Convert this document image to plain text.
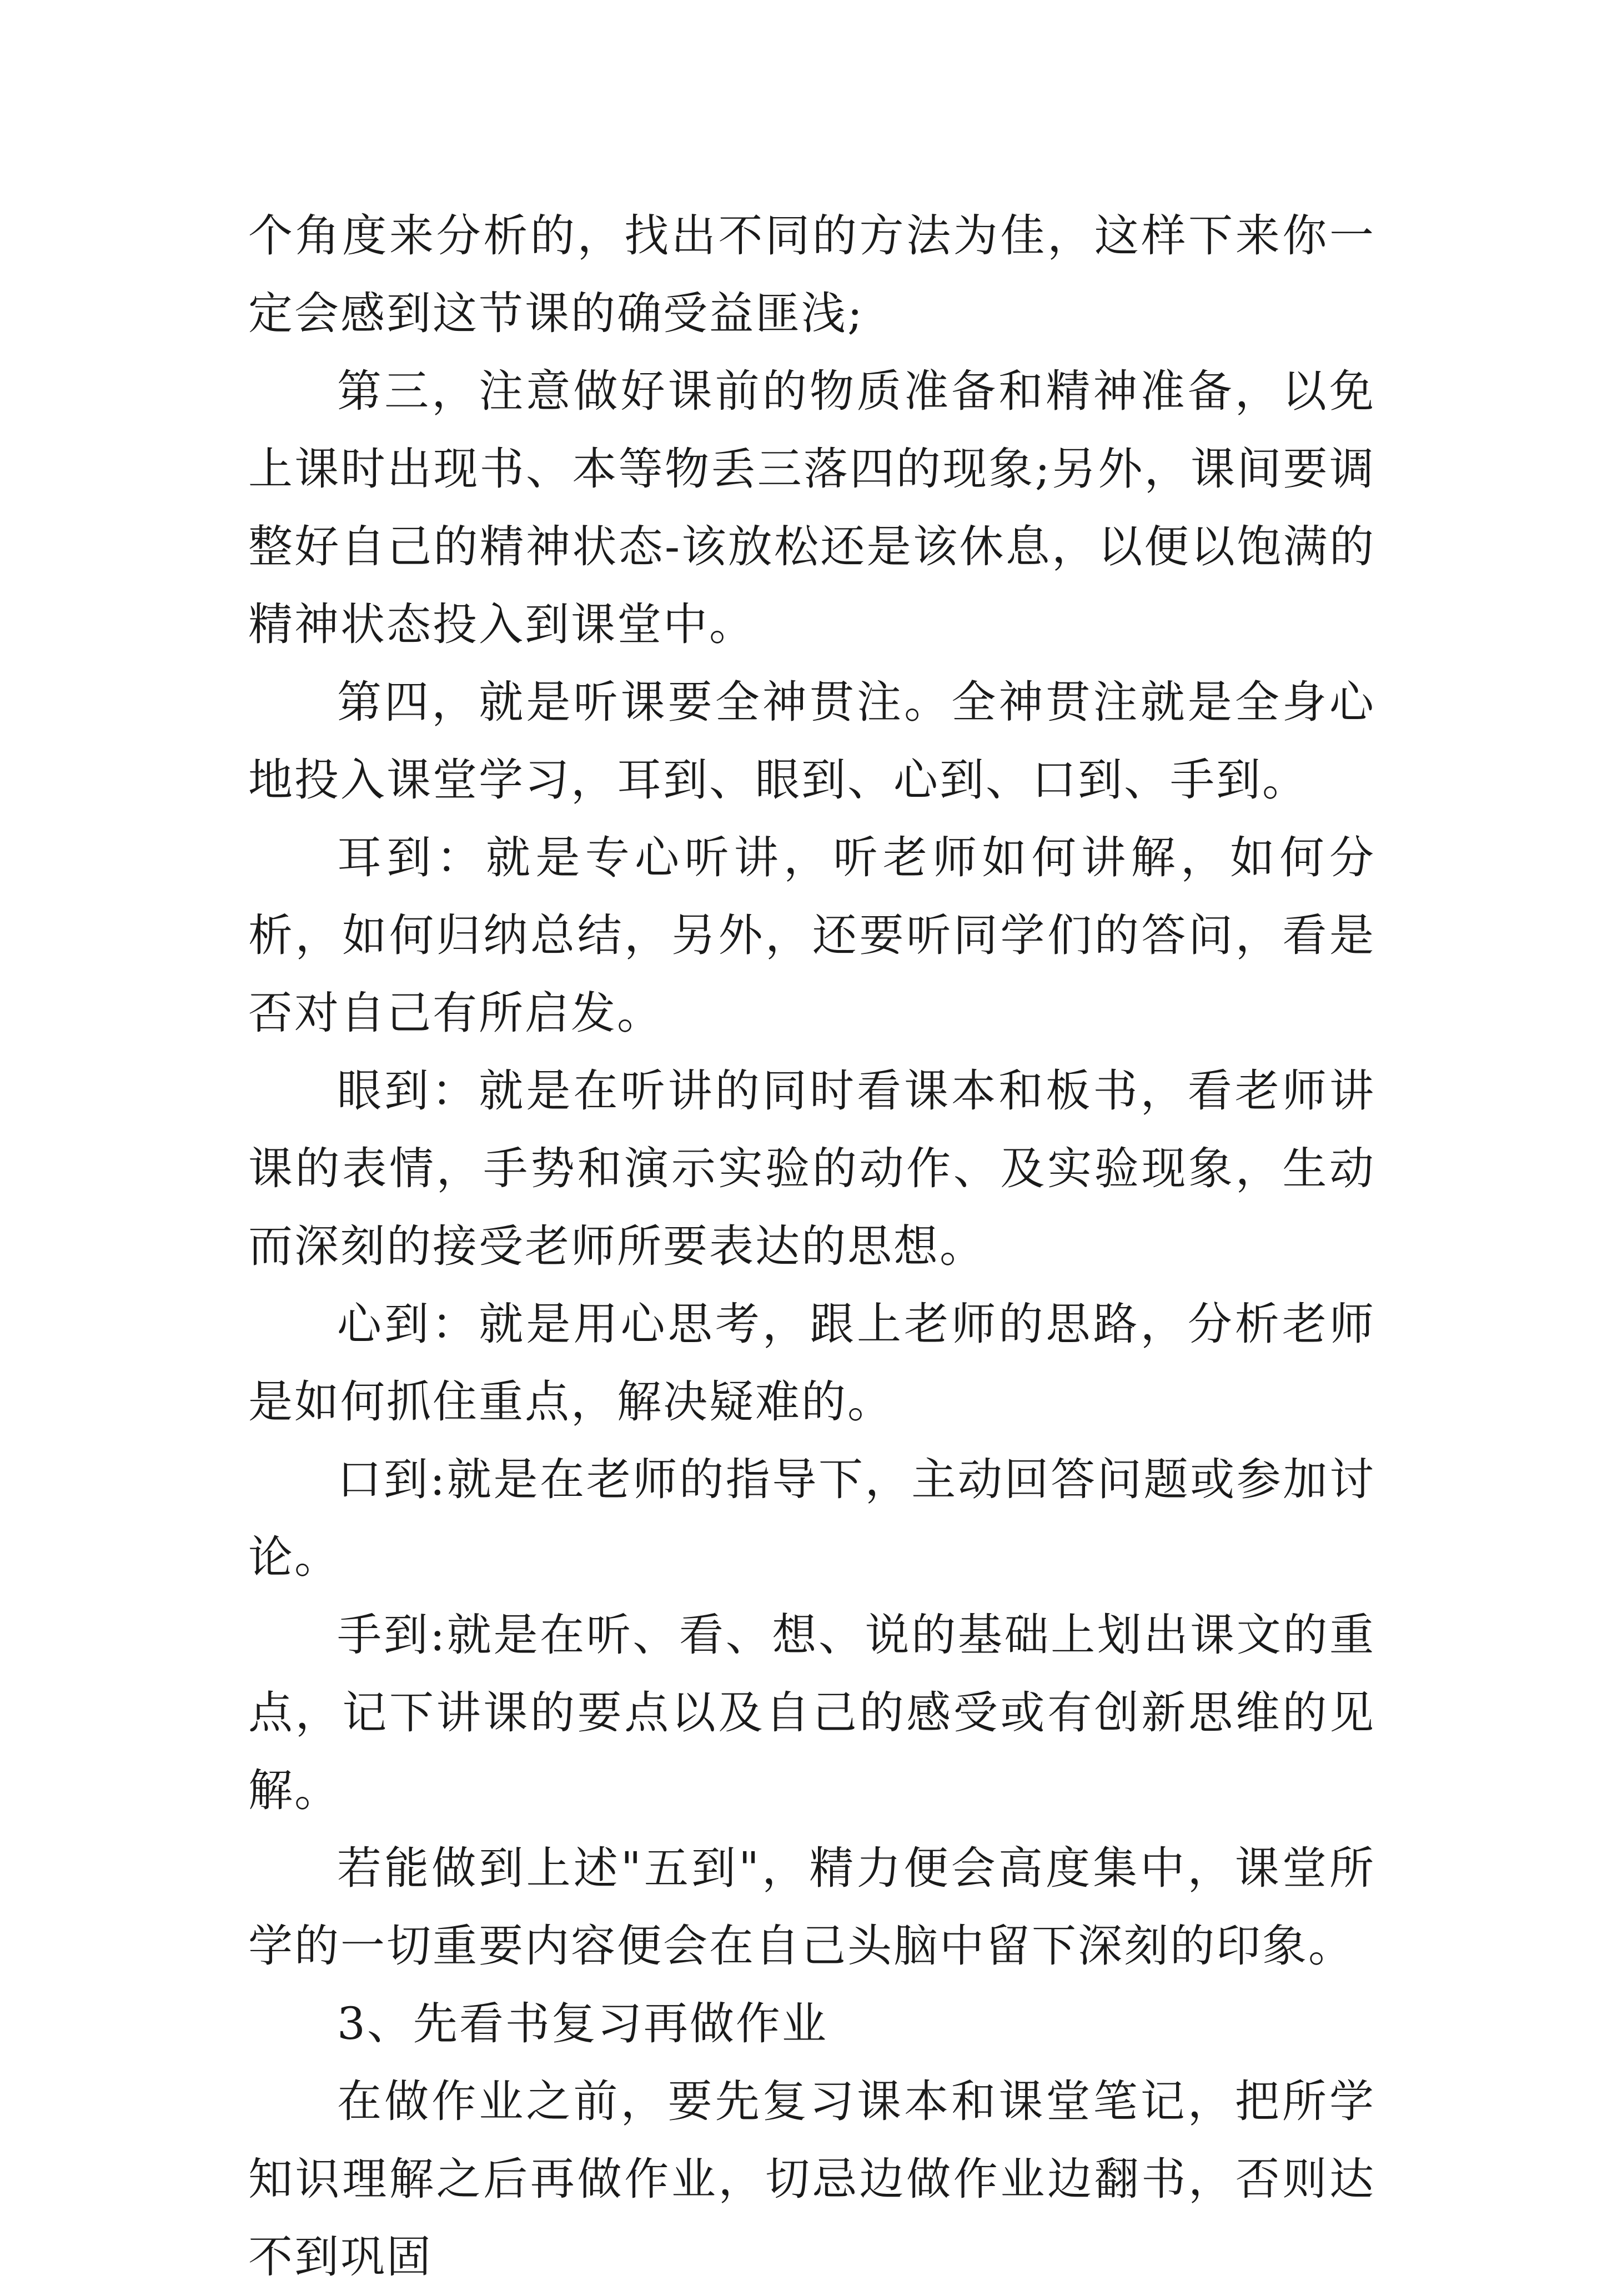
个角度来分析的，找出不同的方法为佳，这样下来你一定会感到这节课的确受益匪浅;

第三，注意做好课前的物质准备和精神准备，以免上课时出现书、本等物丢三落四的现象;另外，课间要调整好自己的精神状态-该放松还是该休息，以便以饱满的精神状态投入到课堂中。

第四，就是听课要全神贯注。全神贯注就是全身心地投入课堂学习，耳到、眼到、心到、口到、手到。

耳到：就是专心听讲，听老师如何讲解，如何分析，如何归纳总结，另外，还要听同学们的答问，看是否对自己有所启发。

眼到：就是在听讲的同时看课本和板书，看老师讲课的表情，手势和演示实验的动作、及实验现象，生动而深刻的接受老师所要表达的思想。

心到：就是用心思考，跟上老师的思路，分析老师是如何抓住重点，解决疑难的。

口到:就是在老师的指导下，主动回答问题或参加讨论。

手到:就是在听、看、想、说的基础上划出课文的重点，记下讲课的要点以及自己的感受或有创新思维的见解。

若能做到上述"五到"，精力便会高度集中，课堂所学的一切重要内容便会在自己头脑中留下深刻的印象。

3、先看书复习再做作业

在做作业之前，要先复习课本和课堂笔记，把所学知识理解之后再做作业，切忌边做作业边翻书，否则达不到巩固
